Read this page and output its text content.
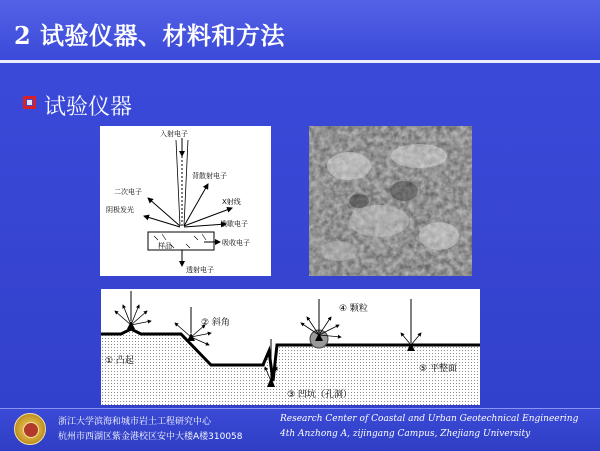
2 试验仪器、材料和方法
试验仪器
入射电子
背散射电子
二次电子
X射线
阴极发光
俄歇电子
样品	吸收电子
透射电子
① 凸起
② 斜角
③ 凹坑（孔洞）
④ 颗粒
⑤ 平整面
浙江大学滨海和城市岩土工程研究中心
杭州市西湖区紫金港校区安中大楼A楼310058
Research Center of Coastal and Urban Geotechnical Engineering
4th Anzhong A, zijingang Campus, Zhejiang University
